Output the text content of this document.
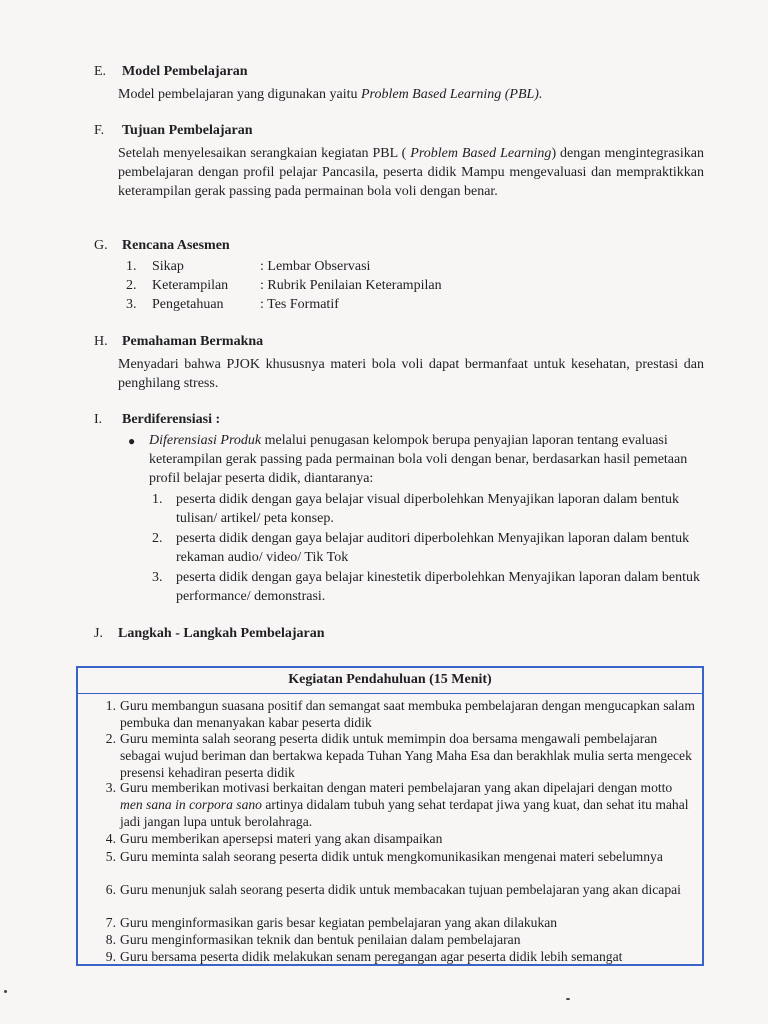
E. Model Pembelajaran
Model pembelajaran yang digunakan yaitu Problem Based Learning (PBL).
F. Tujuan Pembelajaran
Setelah menyelesaikan serangkaian kegiatan PBL ( Problem Based Learning) dengan mengintegrasikan pembelajaran dengan profil pelajar Pancasila, peserta didik Mampu mengevaluasi dan mempraktikkan keterampilan gerak passing pada permainan bola voli dengan benar.
G. Rencana Asesmen
1. Sikap	: Lembar Observasi
2. Keterampilan : Rubrik Penilaian Keterampilan
3. Pengetahuan	: Tes Formatif
H. Pemahaman Bermakna
Menyadari bahwa PJOK khususnya materi bola voli dapat bermanfaat untuk kesehatan, prestasi dan penghilang stress.
I. Berdiferensiasi :
● Diferensiasi Produk melalui penugasan kelompok berupa penyajian laporan tentang evaluasi keterampilan gerak passing pada permainan bola voli dengan benar, berdasarkan hasil pemetaan profil belajar peserta didik, diantaranya:
1. peserta didik dengan gaya belajar visual diperbolehkan Menyajikan laporan dalam bentuk tulisan/ artikel/ peta konsep.
2. peserta didik dengan gaya belajar auditori diperbolehkan Menyajikan laporan dalam bentuk rekaman audio/ video/ Tik Tok
3. peserta didik dengan gaya belajar kinestetik diperbolehkan Menyajikan laporan dalam bentuk performance/ demonstrasi.
J. Langkah - Langkah Pembelajaran
Kegiatan Pendahuluan (15 Menit)
1. Guru membangun suasana positif dan semangat saat membuka pembelajaran dengan mengucapkan salam pembuka dan menanyakan kabar peserta didik
2. Guru meminta salah seorang peserta didik untuk memimpin doa bersama mengawali pembelajaran sebagai wujud beriman dan bertakwa kepada Tuhan Yang Maha Esa dan berakhlak mulia serta mengecek presensi kehadiran peserta didik
3. Guru memberikan motivasi berkaitan dengan materi pembelajaran yang akan dipelajari dengan motto men sana in corpora sano artinya didalam tubuh yang sehat terdapat jiwa yang kuat, dan sehat itu mahal jadi jangan lupa untuk berolahraga.
4. Guru memberikan apersepsi materi yang akan disampaikan
5. Guru meminta salah seorang peserta didik untuk mengkomunikasikan mengenai materi sebelumnya
6. Guru menunjuk salah seorang peserta didik untuk membacakan tujuan pembelajaran yang akan dicapai
7. Guru menginformasikan garis besar kegiatan pembelajaran yang akan dilakukan
8. Guru menginformasikan teknik dan bentuk penilaian dalam pembelajaran
9. Guru bersama peserta didik melakukan senam peregangan agar peserta didik lebih semangat
